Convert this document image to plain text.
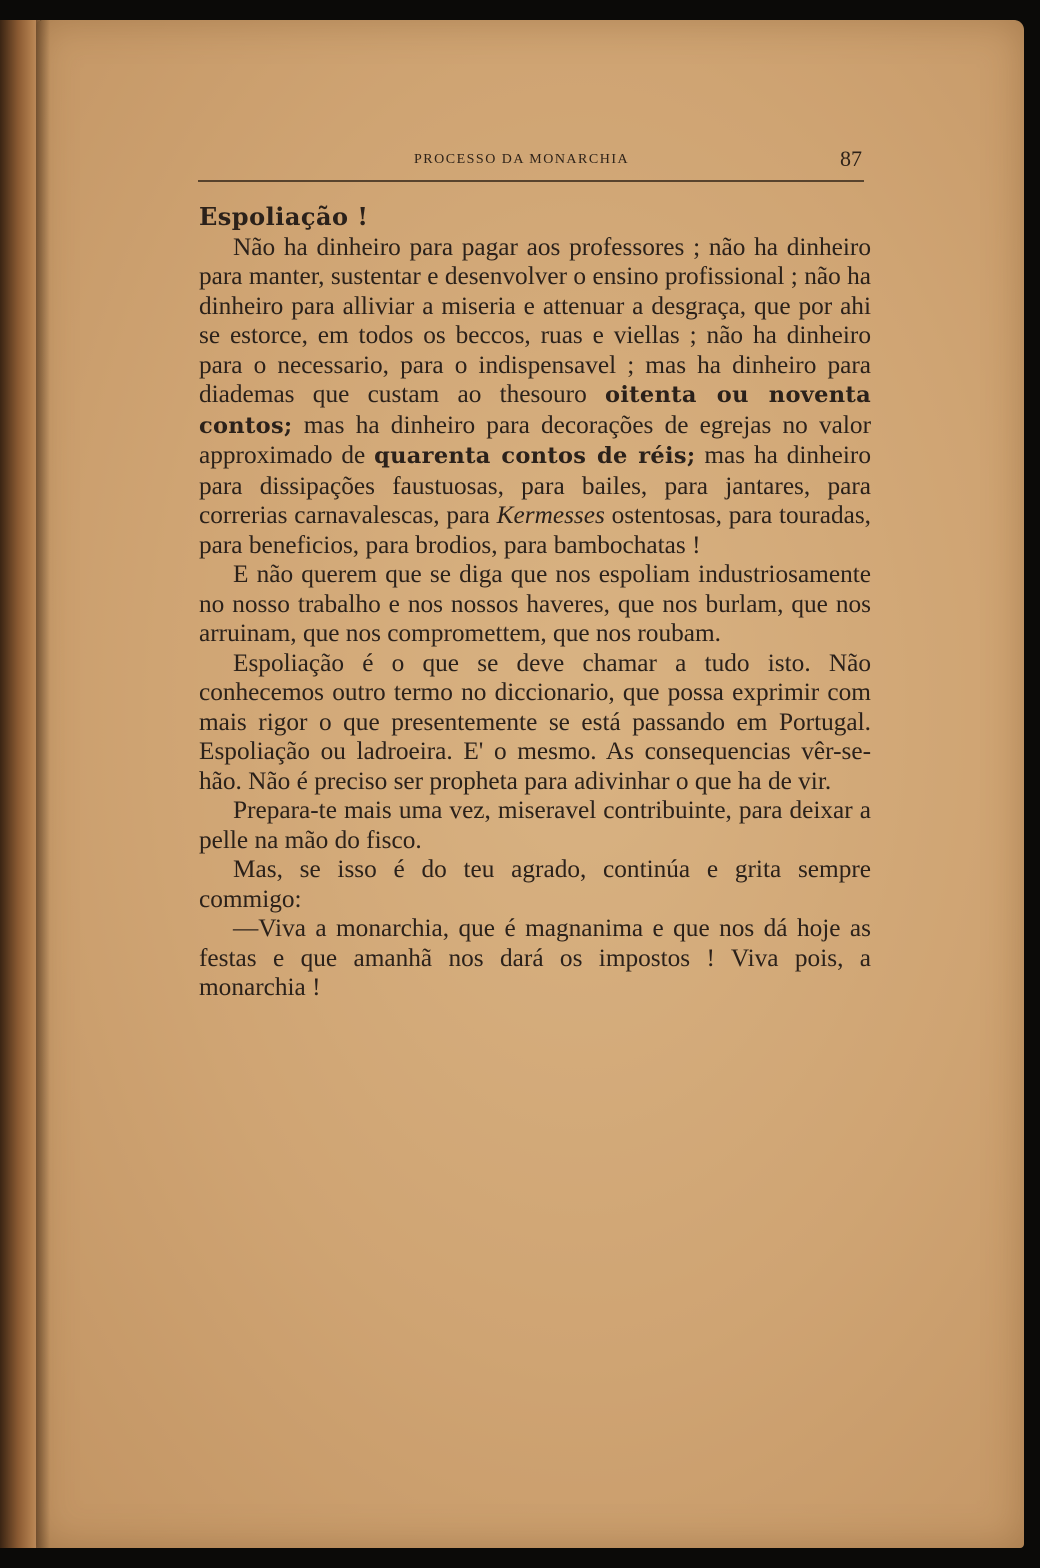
PROCESSO DA MONARCHIA	87

Espoliação !

Não ha dinheiro para pagar aos professores ; não ha dinheiro para manter, sustentar e desenvolver o ensino profissional ; não ha dinheiro para alliviar a miseria e attenuar a desgraça, que por ahi se estorce, em todos os beccos, ruas e viellas ; não ha dinheiro para o necessario, para o indispensavel ; mas ha dinheiro para diademas que custam ao thesouro oitenta ou noventa contos; mas ha dinheiro para decorações de egrejas no valor approximado de quarenta contos de réis; mas ha dinheiro para dissipações faustuosas, para bailes, para jantares, para correrias carnavalescas, para Kermesses ostentosas, para touradas, para beneficios, para brodios, para bambochatas !

E não querem que se diga que nos espoliam industriosamente no nosso trabalho e nos nossos haveres, que nos burlam, que nos arruinam, que nos compromettem, que nos roubam.

Espoliação é o que se deve chamar a tudo isto. Não conhecemos outro termo no diccionario, que possa exprimir com mais rigor o que presentemente se está passando em Portugal. Espoliação ou ladroeira. E' o mesmo. As consequencias vêr-se-hão. Não é preciso ser propheta para adivinhar o que ha de vir.

Prepara-te mais uma vez, miseravel contribuinte, para deixar a pelle na mão do fisco.

Mas, se isso é do teu agrado, continúa e grita sempre commigo:

—Viva a monarchia, que é magnanima e que nos dá hoje as festas e que amanhã nos dará os impostos ! Viva pois, a monarchia !
